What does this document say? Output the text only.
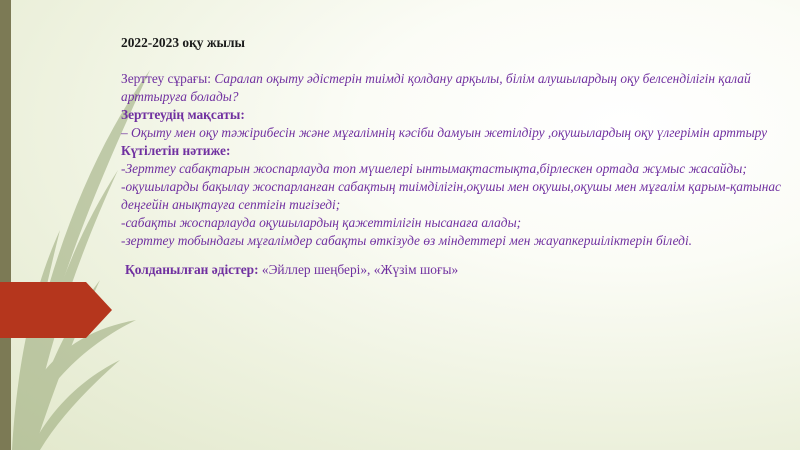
2022-2023 оқу жылы

Зерттеу сұрағы: Саралап оқыту әдістерін тиімді қолдану арқылы, білім алушылардың оқу белсенділігін қалай арттыруға болады?

Зерттеудің мақсаты:

– Оқыту мен оқу тәжірибесін және мұғалімнің кәсіби дамуын жетілдіру ,оқушылардың оқу үлгерімін арттыру

Күтілетін нәтиже:

-Зерттеу сабақтарын жоспарлауда топ мүшелері ынтымақтастықта,бірлескен ортада жұмыс жасайды;

-оқушыларды бақылау жоспарланған сабақтың тиімділігін,оқушы мен оқушы,оқушы мен мұғалім қарым-қатынас деңгейін анықтауға септігін тигізеді;

-сабақты жоспарлауда оқушылардың қажеттілігін нысанаға алады;

-зерттеу тобындағы мұғалімдер сабақты өткізуде өз міндеттері мен жауапкершіліктерін біледі.

Қолданылған әдістер: «Эйллер шеңбері», «Жүзім шоғы»
